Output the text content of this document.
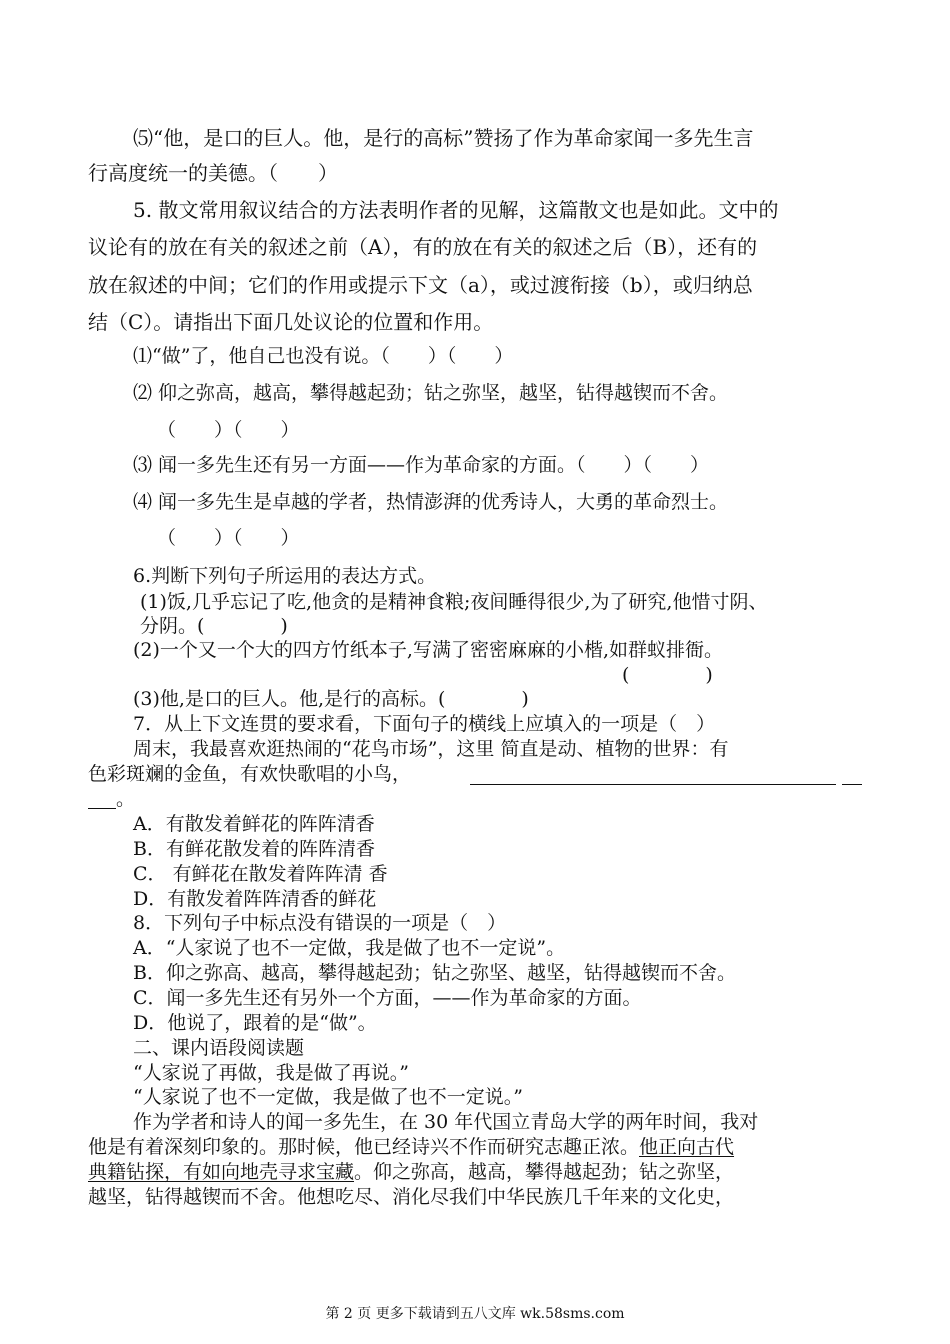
⑸“他，是口的巨人。他，是行的高标”赞扬了作为革命家闻一多先生言
行高度统一的美德。（　　）
5. 散文常用叙议结合的方法表明作者的见解，这篇散文也是如此。文中的
议论有的放在有关的叙述之前（A），有的放在有关的叙述之后（B），还有的
放在叙述的中间；它们的作用或提示下文（a），或过渡衔接（b），或归纳总
结（C）。请指出下面几处议论的位置和作用。
⑴“做”了，他自己也没有说。（　　）（　　）
⑵ 仰之弥高，越高，攀得越起劲；钻之弥坚，越坚，钻得越锲而不舍。
（　　）（　　）
⑶ 闻一多先生还有另一方面——作为革命家的方面。（　　）（　　）
⑷ 闻一多先生是卓越的学者，热情澎湃的优秀诗人，大勇的革命烈士。
（　　）（　　）
6.判断下列句子所运用的表达方式。
(1)饭,几乎忘记了吃,他贪的是精神食粮;夜间睡得很少,为了研究,他惜寸阴、
分阴。(　　　　)
(2)一个又一个大的四方竹纸本子,写满了密密麻麻的小楷,如群蚁排衙。
(　　　　)
(3)他,是口的巨人。他,是行的高标。(　　　　)
7．从上下文连贯的要求看，下面句子的横线上应填入的一项是（　）
周末，我最喜欢逛热闹的“花鸟市场”，这里 简直是动、植物的世界：有
色彩斑斓的金鱼，有欢快歌唱的小鸟，
。
A．有散发着鲜花的阵阵清香
B．有鲜花散发着的阵阵清香
C． 有鲜花在散发着阵阵清 香
D．有散发着阵阵清香的鲜花
8．下列句子中标点没有错误的一项是（　）
A．“人家说了也不一定做，我是做了也不一定说”。
B．仰之弥高、越高，攀得越起劲；钻之弥坚、越坚，钻得越锲而不舍。
C．闻一多先生还有另外一个方面，——作为革命家的方面。
D．他说了，跟着的是“做”。
二、课内语段阅读题
“人家说了再做，我是做了再说。”
“人家说了也不一定做，我是做了也不一定说。”
作为学者和诗人的闻一多先生，在 30 年代国立青岛大学的两年时间，我对
他是有着深刻印象的。那时候，他已经诗兴不作而研究志趣正浓。他正向古代
典籍钻探，有如向地壳寻求宝藏。仰之弥高，越高，攀得越起劲；钻之弥坚，
越坚，钻得越锲而不舍。他想吃尽、消化尽我们中华民族几千年来的文化史，
第 2 页 更多下载请到五八文库 wk.58sms.com
